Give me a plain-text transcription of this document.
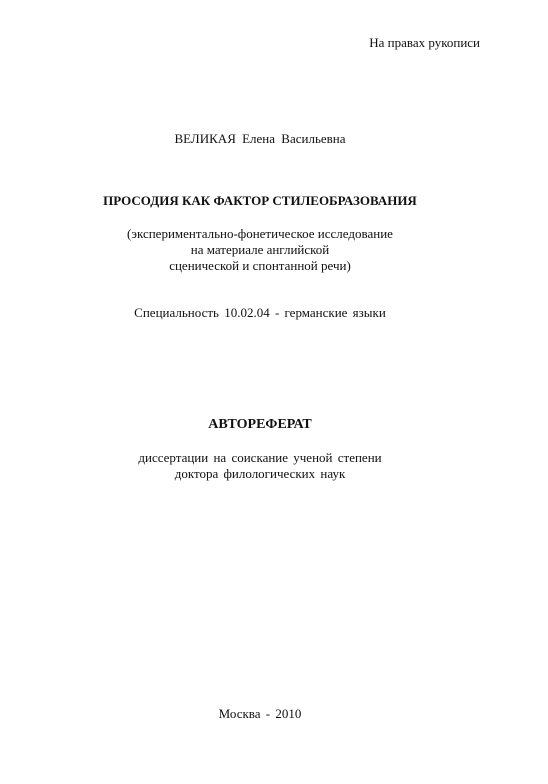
На правах рукописи
ВЕЛИКАЯ Елена Васильевна
ПРОСОДИЯ КАК ФАКТОР СТИЛЕОБРАЗОВАНИЯ
(экспериментально-фонетическое исследование
на материале английской
сценической и спонтанной речи)
Специальность 10.02.04 - германские языки
АВТОРЕФЕРАТ
диссертации на соискание ученой степени
доктора филологических наук
Москва - 2010
